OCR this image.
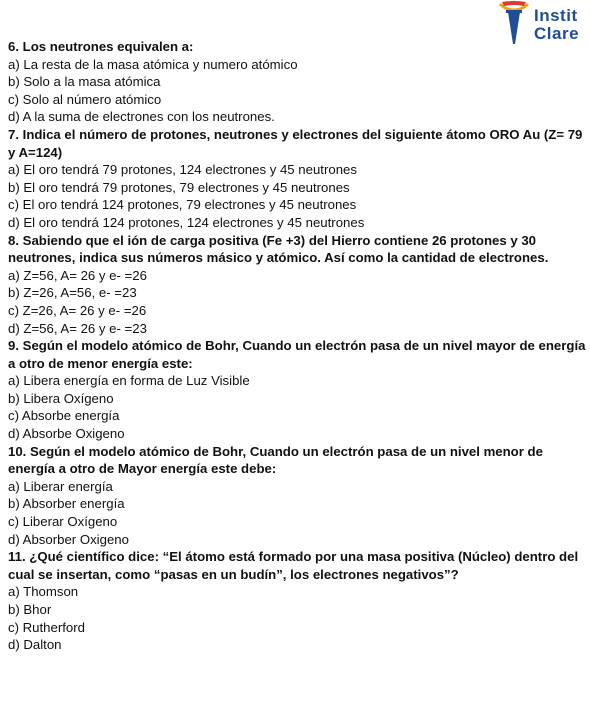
Instit
Clare
6. Los neutrones equivalen a:
a) La resta de la masa atómica y numero atómico
b) Solo a la masa atómica
c) Solo al número atómico
d) A la suma de electrones con los neutrones.
7. Indica el número de protones, neutrones y electrones del siguiente átomo ORO Au (Z= 79 y A=124)
a) El oro tendrá 79 protones, 124 electrones y 45 neutrones
b) El oro tendrá 79 protones, 79 electrones y 45 neutrones
c) El oro tendrá 124 protones, 79 electrones y 45 neutrones
d) El oro tendrá 124 protones, 124 electrones y 45 neutrones
8. Sabiendo que el ión de carga positiva (Fe +3) del Hierro contiene 26 protones y 30 neutrones, indica sus números másico y atómico. Así como la cantidad de electrones.
a) Z=56, A= 26 y e- =26
b) Z=26, A=56, e- =23
c) Z=26, A= 26 y e- =26
d) Z=56, A= 26 y e- =23
9. Según el modelo atómico de Bohr, Cuando un electrón pasa de un nivel mayor de energía a otro de menor energía este:
a) Libera energía en forma de Luz Visible
b) Libera Oxígeno
c) Absorbe energía
d) Absorbe Oxigeno
10. Según el modelo atómico de Bohr, Cuando un electrón pasa de un nivel menor de energía a otro de Mayor energía este debe:
a) Liberar energía
b) Absorber energía
c) Liberar Oxígeno
d) Absorber Oxigeno
11. ¿Qué científico dice: “El átomo está formado por una masa positiva (Núcleo) dentro del cual se insertan, como “pasas en un budín”, los electrones negativos”?
a) Thomson
b) Bhor
c) Rutherford
d) Dalton
